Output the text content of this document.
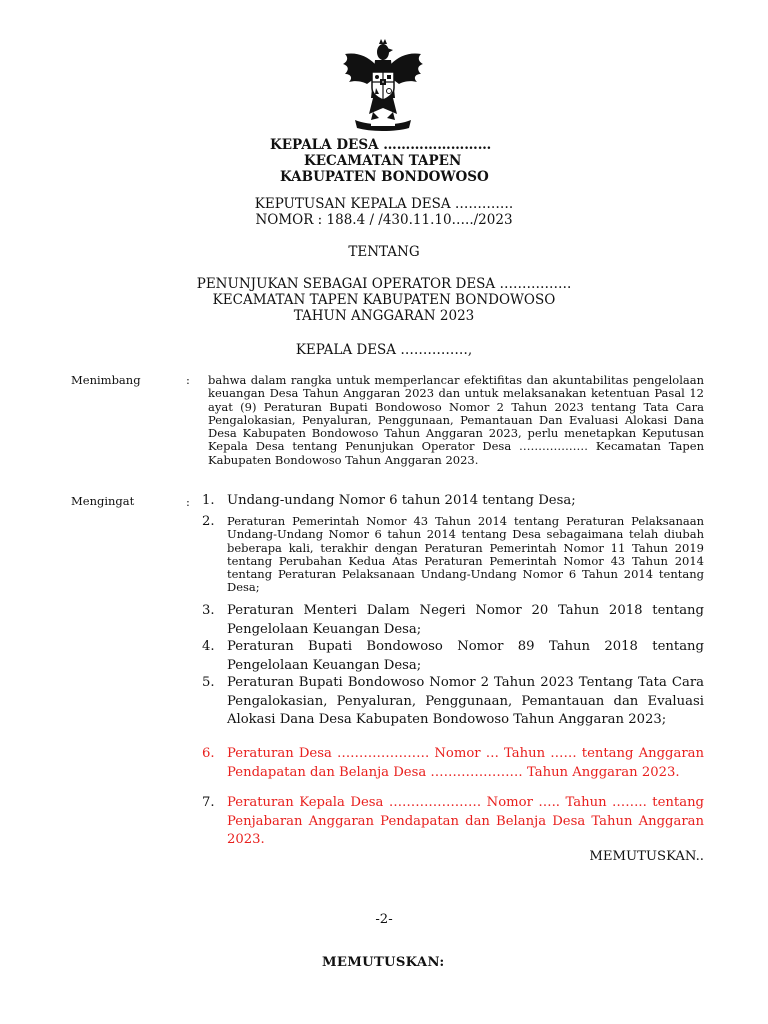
KEPALA DESA ……………………
KECAMATAN TAPEN
KABUPATEN BONDOWOSO
KEPUTUSAN KEPALA DESA ………….
NOMOR : 188.4 / /430.11.10…../2023
TENTANG
PENUNJUKAN SEBAGAI OPERATOR DESA …………….
KECAMATAN TAPEN KABUPATEN BONDOWOSO
TAHUN ANGGARAN 2023
KEPALA DESA ……………,
Menimbang	: bahwa dalam rangka untuk memperlancar efektifitas dan akuntabilitas pengelolaan keuangan Desa Tahun Anggaran 2023 dan untuk melaksanakan ketentuan Pasal 12 ayat (9) Peraturan Bupati Bondowoso Nomor 2 Tahun 2023 tentang Tata Cara Pengalokasian, Penyaluran, Penggunaan, Pemantauan Dan Evaluasi Alokasi Dana Desa Kabupaten Bondowoso Tahun Anggaran 2023, perlu menetapkan Keputusan Kepala Desa tentang Penunjukan Operator Desa ……………… Kecamatan Tapen Kabupaten Bondowoso Tahun Anggaran 2023.
Mengingat	: 1. Undang-undang Nomor 6 tahun 2014 tentang Desa;
2.	Peraturan Pemerintah Nomor 43 Tahun 2014 tentang Peraturan Pelaksanaan Undang-Undang Nomor 6 tahun 2014 tentang Desa sebagaimana telah diubah beberapa kali, terakhir dengan Peraturan Pemerintah Nomor 11 Tahun 2019 tentang Perubahan Kedua Atas Peraturan Pemerintah Nomor 43 Tahun 2014 tentang Peraturan Pelaksanaan Undang-Undang Nomor 6 Tahun 2014 tentang Desa;
3. Peraturan Menteri Dalam Negeri Nomor 20 Tahun 2018 tentang Pengelolaan Keuangan Desa;
4. Peraturan Bupati Bondowoso Nomor 89 Tahun 2018 tentang Pengelolaan Keuangan Desa;
5. Peraturan Bupati Bondowoso Nomor 2 Tahun 2023 Tentang Tata Cara Pengalokasian, Penyaluran, Penggunaan, Pemantauan dan Evaluasi Alokasi Dana Desa Kabupaten Bondowoso Tahun Anggaran 2023;
6. Peraturan Desa ………………… Nomor … Tahun …… tentang Anggaran Pendapatan dan Belanja Desa ………………… Tahun Anggaran 2023.
7. Peraturan Kepala Desa ………………… Nomor ….. Tahun …….. tentang Penjabaran Anggaran Pendapatan dan Belanja Desa Tahun Anggaran 2023.
MEMUTUSKAN..
-2-
MEMUTUSKAN:
